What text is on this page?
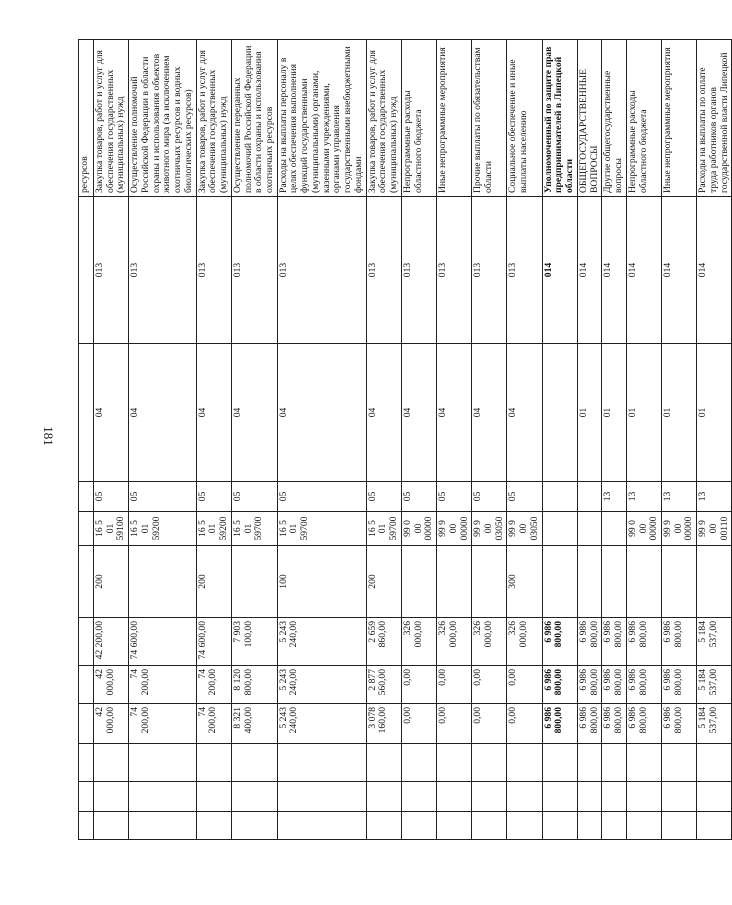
181
											ресурсов
			42 000,00	42 000,00	42 200,00	200	16 5 01 59100	05	04	013	Закупка товаров, работ и услуг для обеспечения государственных (муниципальных) нужд
			74 200,00	74 200,00	74 600,00		16 5 01 59200	05	04	013	Осуществление полномочий Российской Федерации в области охраны и использования объектов животного мира (за исключением охотничьих ресурсов и водных биологических ресурсов)
			74 200,00	74 200,00	74 600,00	200	16 5 01 59200	05	04	013	Закупка товаров, работ и услуг для обеспечения государственных (муниципальных) нужд
			8 321 400,00	8 120 800,00	7 903 100,00		16 5 01 59700	05	04	013	Осуществление переданных полномочий Российской Федерации в области охраны и использования охотничьих ресурсов
			5 243 240,00	5 243 240,00	5 243 240,00	100	16 5 01 59700	05	04	013	Расходы на выплаты персоналу в целях обеспечения выполнения функций государственными (муниципальными) органами, казенными учреждениями, органами управления государственными внебюджетными фондами
			3 078 160,00	2 877 560,00	2 659 860,00	200	16 5 01 59700	05	04	013	Закупка товаров, работ и услуг для обеспечения государственных (муниципальных) нужд
			0,00	0,00	326 000,00		99 0 00 00000	05	04	013	Непрограммные расходы областного бюджета
			0,00	0,00	326 000,00		99 9 00 00000	05	04	013	Иные непрограммные мероприятия
			0,00	0,00	326 000,00		99 9 00 03050	05	04	013	Прочие выплаты по обязательствам области
			0,00	0,00	326 000,00	300	99 9 00 03050	05	04	013	Социальное обеспечение и иные выплаты населению
			6 986 800,00	6 986 800,00	6 986 800,00					014	Уполномоченный по защите прав предпринимателей в Липецкой области
			6 986 800,00	6 986 800,00	6 986 800,00				01	014	ОБЩЕГОСУДАРСТВЕННЫЕ ВОПРОСЫ
			6 986 800,00	6 986 800,00	6 986 800,00			13	01	014	Другие общегосударственные вопросы
			6 986 800,00	6 986 800,00	6 986 800,00		99 0 00 00000	13	01	014	Непрограммные расходы областного бюджета
			6 986 800,00	6 986 800,00	6 986 800,00		99 9 00 00000	13	01	014	Иные непрограммные мероприятия
			5 184 537,00	5 184 537,00	5 184 537,00		99 9 00 00110	13	01	014	Расходы на выплаты по оплате труда работников органов государственной власти Липецкой
